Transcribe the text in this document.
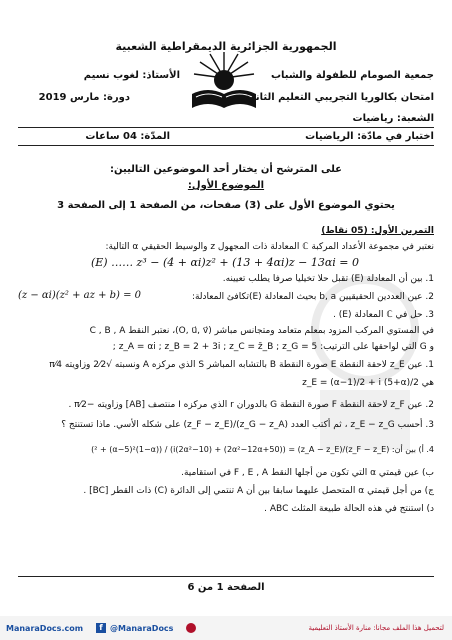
الجمهورية الجزائرية الديمقراطية الشعبية
جمعية الصومام للطفولة والشباب
الأستاذ: لغوب نسيم
امتحان بكالوريا التجريبي التعليم الثانوي
دورة: مارس 2019
الشعبة: رياضيات
اختبار في مادّة: الرياضيات
المدّة: 04 ساعات
على المترشح أن يختار أحد الموضوعين التاليين:
الموضوع الأول:
يحتوي الموضوع الأول على (3) صفحات، من الصفحة 1 إلى الصفحة 3
التمرين الأول: (05 نقاط)
نعتبر في مجموعة الأعداد المركبة ℂ المعادلة ذات المجهول z والوسيط الحقيقي α التالية:
(E) …… z³ − (4 + αi)z² + (13 + 4αi)z − 13αi = 0
1. بين أن المعادلة (E) تقبل حلا تخيليا صرفا يطلب تعيينه.
2. عين العددين الحقيقيين b, a بحيث المعادلة (E)تكافئ المعادلة:
(z − αi)(z² + az + b) = 0
3. حل في ℂ المعادلة (E) .
في المستوي المركب المزود بمعلم متعامد ومتجانس مباشر (O, u⃗, v⃗)، نعتبر النقط C , B , A
و G التي لواحقها على الترتيب: z_A = αi ; z_B = 2 + 3i ; z_C = z̄_B ; z_G = 5 ;
1. عين z_E لاحقة النقطة E صورة النقطة B بالتشابه المباشر S الذي مركزه A ونسبته √2⁄2 وزاويته π⁄4
هي z_E = (α−1)/2 + i (5+α)/2
2. عين z_F لاحقة النقطة F صورة النقطة G بالدوران r الذي مركزه I منتصف [AB] وزاويته −π⁄2 .
3. أحسب z_E − z_G ، ثم أكتب العدد (z_G − z_A)/(z_F − z_E) على شكله الأسي. ماذا تستنتج ؟
4. أ) بين أن: (z_F − z_E)/(z_A − z_E) = ((2α²−12α+50) + i(2α²−10)) / ((1−α)² + (α−5)²)
ب) عين قيمتي α التي تكون من أجلها النقط F , E , A في استقامية.
ج) من أجل قيمتي α المتحصل عليهما سابقا بين أن A تنتمي إلى الدائرة (C) ذات القطر [BC] .
د) استنتج في هذه الحالة طبيعة المثلث ABC .
الصفحة 1 من 6
ManaraDocs.com	f @ManaraDocs	لتحميل هذا الملف مجانا: منارة الأستاذ التعليمية
